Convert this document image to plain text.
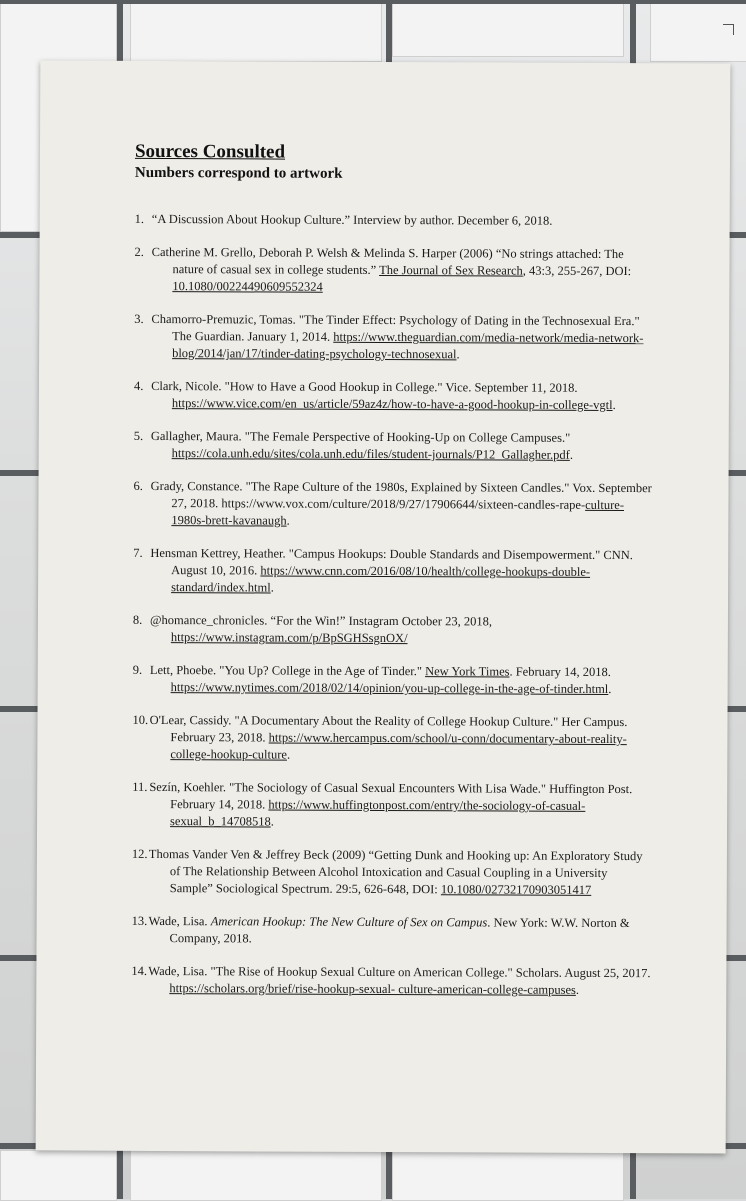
Sources Consulted
Numbers correspond to artwork
1. “A Discussion About Hookup Culture.” Interview by author. December 6, 2018.
2. Catherine M. Grello, Deborah P. Welsh & Melinda S. Harper (2006) “No strings attached: The nature of casual sex in college students.” The Journal of Sex Research, 43:3, 255-267, DOI: 10.1080/00224490609552324
3. Chamorro-Premuzic, Tomas. "The Tinder Effect: Psychology of Dating in the Technosexual Era." The Guardian. January 1, 2014. https://www.theguardian.com/media-network/media-network-blog/2014/jan/17/tinder-dating-psychology-technosexual.
4. Clark, Nicole. "How to Have a Good Hookup in College." Vice. September 11, 2018. https://www.vice.com/en_us/article/59az4z/how-to-have-a-good-hookup-in-college-vgtl.
5. Gallagher, Maura. "The Female Perspective of Hooking-Up on College Campuses." https://cola.unh.edu/sites/cola.unh.edu/files/student-journals/P12_Gallagher.pdf.
6. Grady, Constance. "The Rape Culture of the 1980s, Explained by Sixteen Candles." Vox. September 27, 2018. https://www.vox.com/culture/2018/9/27/17906644/sixteen-candles-rape-culture-1980s-brett-kavanaugh.
7. Hensman Kettrey, Heather. "Campus Hookups: Double Standards and Disempowerment." CNN. August 10, 2016. https://www.cnn.com/2016/08/10/health/college-hookups-double-standard/index.html.
8. @homance_chronicles. “For the Win!” Instagram October 23, 2018, https://www.instagram.com/p/BpSGHSsgnOX/
9. Lett, Phoebe. "You Up? College in the Age of Tinder." New York Times. February 14, 2018. https://www.nytimes.com/2018/02/14/opinion/you-up-college-in-the-age-of-tinder.html.
10. O'Lear, Cassidy. "A Documentary About the Reality of College Hookup Culture." Her Campus. February 23, 2018. https://www.hercampus.com/school/u-conn/documentary-about-reality-college-hookup-culture.
11. Sezín, Koehler. "The Sociology of Casual Sexual Encounters With Lisa Wade." Huffington Post. February 14, 2018. https://www.huffingtonpost.com/entry/the-sociology-of-casual-sexual_b_14708518.
12. Thomas Vander Ven & Jeffrey Beck (2009) “Getting Dunk and Hooking up: An Exploratory Study of The Relationship Between Alcohol Intoxication and Casual Coupling in a University Sample” Sociological Spectrum. 29:5, 626-648, DOI: 10.1080/02732170903051417
13. Wade, Lisa. American Hookup: The New Culture of Sex on Campus. New York: W.W. Norton & Company, 2018.
14. Wade, Lisa. "The Rise of Hookup Sexual Culture on American College." Scholars. August 25, 2017. https://scholars.org/brief/rise-hookup-sexual- culture-american-college-campuses.
